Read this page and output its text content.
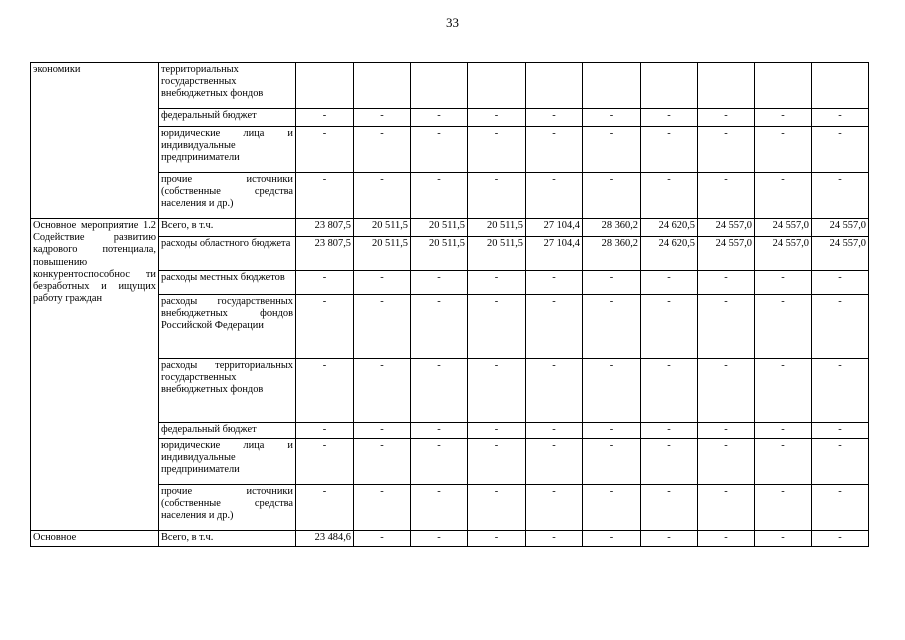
33
экономики	территориальных государственных внебюджетных фондов										
	федеральный бюджет	-	-	-	-	-	-	-	-	-	-
	юридические лица и индивидуальные предприниматели	-	-	-	-	-	-	-	-	-	-
	прочие источники (собственные средства населения и др.)	-	-	-	-	-	-	-	-	-	-
Основное мероприятие 1.2 Содействие развитию кадрового потенциала, повышению конкурентоспособнос ти безработных и ищущих работу граждан	Всего, в т.ч.	23 807,5	20 511,5	20 511,5	20 511,5	27 104,4	28 360,2	24 620,5	24 557,0	24 557,0	24 557,0
	расходы областного бюджета	23 807,5	20 511,5	20 511,5	20 511,5	27 104,4	28 360,2	24 620,5	24 557,0	24 557,0	24 557,0
	расходы местных бюджетов	-	-	-	-	-	-	-	-	-	-
	расходы государственных внебюджетных фондов Российской Федерации	-	-	-	-	-	-	-	-	-	-
	расходы территориальных государственных внебюджетных фондов	-	-	-	-	-	-	-	-	-	-
	федеральный бюджет	-	-	-	-	-	-	-	-	-	-
	юридические лица и индивидуальные предприниматели	-	-	-	-	-	-	-	-	-	-
	прочие источники (собственные средства населения и др.)	-	-	-	-	-	-	-	-	-	-
Основное	Всего, в т.ч.	23 484,6	-	-	-	-	-	-	-	-	-
